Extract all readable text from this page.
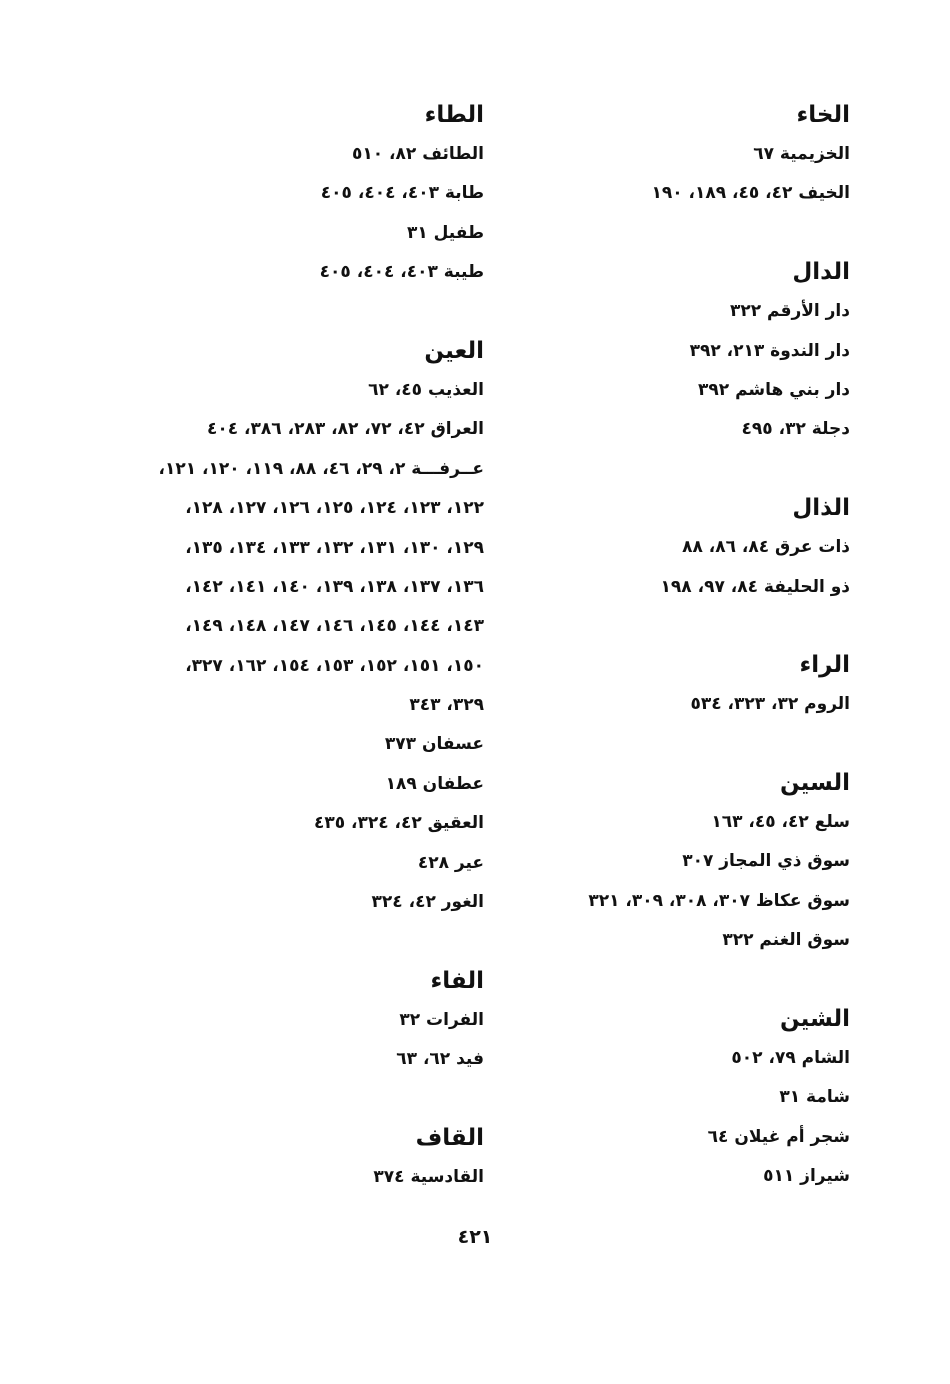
الخاء
الخزيمية ٦٧
الخيف ٤٢، ٤٥، ١٨٩، ١٩٠
الدال
دار الأرقم ٣٢٢
دار الندوة ٢١٣، ٣٩٢
دار بني هاشم ٣٩٢
دجلة ٣٢، ٤٩٥
الذال
ذات عرق ٨٤، ٨٦، ٨٨
ذو الحليفة ٨٤، ٩٧، ١٩٨
الراء
الروم ٣٢، ٣٢٣، ٥٣٤
السين
سلع ٤٢، ٤٥، ١٦٣
سوق ذي المجاز ٣٠٧
سوق عكاظ ٣٠٧، ٣٠٨، ٣٠٩، ٣٢١
سوق الغنم ٣٢٢
الشين
الشام ٧٩، ٥٠٢
شامة ٣١
شجر أم غيلان ٦٤
شيراز ٥١١
الطاء
الطائف ٨٢، ٥١٠
طابة ٤٠٣، ٤٠٤، ٤٠٥
طفيل ٣١
طيبة ٤٠٣، ٤٠٤، ٤٠٥
العين
العذيب ٤٥، ٦٢
العراق ٤٢، ٧٢، ٨٢، ٢٨٣، ٣٨٦، ٤٠٤
عــرفـــة ٢، ٢٩، ٤٦، ٨٨، ١١٩، ١٢٠، ١٢١،
١٢٢، ١٢٣، ١٢٤، ١٢٥، ١٢٦، ١٢٧، ١٢٨،
١٢٩، ١٣٠، ١٣١، ١٣٢، ١٣٣، ١٣٤، ١٣٥،
١٣٦، ١٣٧، ١٣٨، ١٣٩، ١٤٠، ١٤١، ١٤٢،
١٤٣، ١٤٤، ١٤٥، ١٤٦، ١٤٧، ١٤٨، ١٤٩،
١٥٠، ١٥١، ١٥٢، ١٥٣، ١٥٤، ١٦٢، ٣٢٧،
٣٢٩، ٣٤٣
عسفان ٣٧٣
عطفان ١٨٩
العقيق ٤٢، ٣٢٤، ٤٣٥
عير ٤٢٨
الغور ٤٢، ٣٢٤
الفاء
الفرات ٣٢
فيد ٦٢، ٦٣
القاف
القادسية ٣٧٤
٤٢١
